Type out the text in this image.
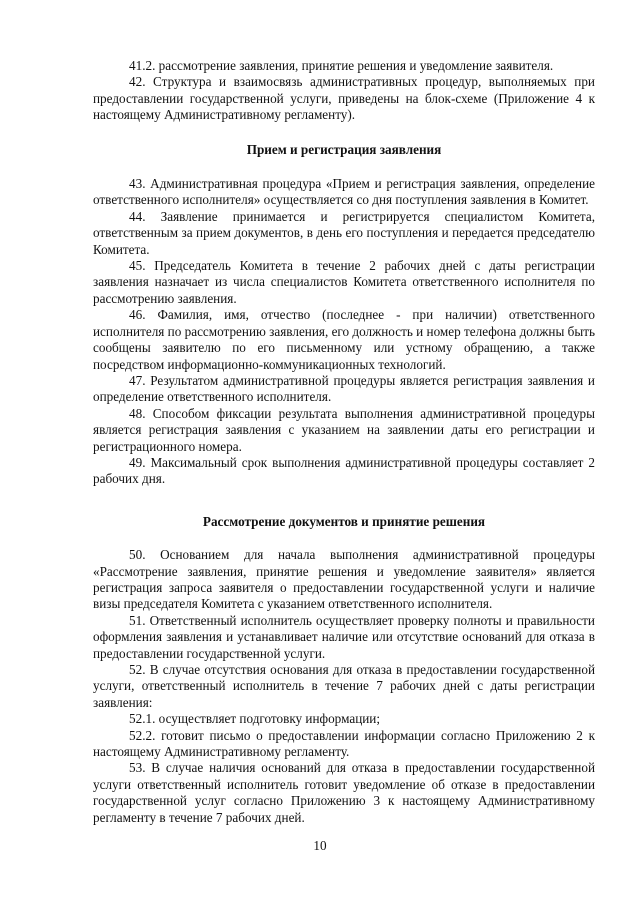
41.2. рассмотрение заявления, принятие решения и уведомление заявителя.

42. Структура и взаимосвязь административных процедур, выполняемых при предоставлении государственной услуги, приведены на блок-схеме (Приложение 4 к настоящему Административному регламенту).

Прием и регистрация заявления

43. Административная процедура «Прием и регистрация заявления, определение ответственного исполнителя» осуществляется со дня поступления заявления в Комитет.

44. Заявление принимается и регистрируется специалистом Комитета, ответственным за прием документов, в день его поступления и передается председателю Комитета.

45. Председатель Комитета в течение 2 рабочих дней с даты регистрации заявления назначает из числа специалистов Комитета ответственного исполнителя по рассмотрению заявления.

46. Фамилия, имя, отчество (последнее - при наличии) ответственного исполнителя по рассмотрению заявления, его должность и номер телефона должны быть сообщены заявителю по его письменному или устному обращению, а также посредством информационно-коммуникационных технологий.

47. Результатом административной процедуры является регистрация заявления и определение ответственного исполнителя.

48. Способом фиксации результата выполнения административной процедуры является регистрация заявления с указанием на заявлении даты его регистрации и регистрационного номера.

49. Максимальный срок выполнения административной процедуры составляет 2 рабочих дня.

Рассмотрение документов и принятие решения

50. Основанием для начала выполнения административной процедуры «Рассмотрение заявления, принятие решения и уведомление заявителя» является регистрация запроса заявителя о предоставлении государственной услуги и наличие визы председателя Комитета с указанием ответственного исполнителя.

51. Ответственный исполнитель осуществляет проверку полноты и правильности оформления заявления и устанавливает наличие или отсутствие оснований для отказа в предоставлении государственной услуги.

52. В случае отсутствия основания для отказа в предоставлении государственной услуги, ответственный исполнитель в течение 7 рабочих дней с даты регистрации заявления:

52.1. осуществляет подготовку информации;

52.2. готовит письмо о предоставлении информации согласно Приложению 2 к настоящему Административному регламенту.

53. В случае наличия оснований для отказа в предоставлении государственной услуги ответственный исполнитель готовит уведомление об отказе в предоставлении государственной услуг согласно Приложению 3 к настоящему Административному регламенту в течение 7 рабочих дней.

10
